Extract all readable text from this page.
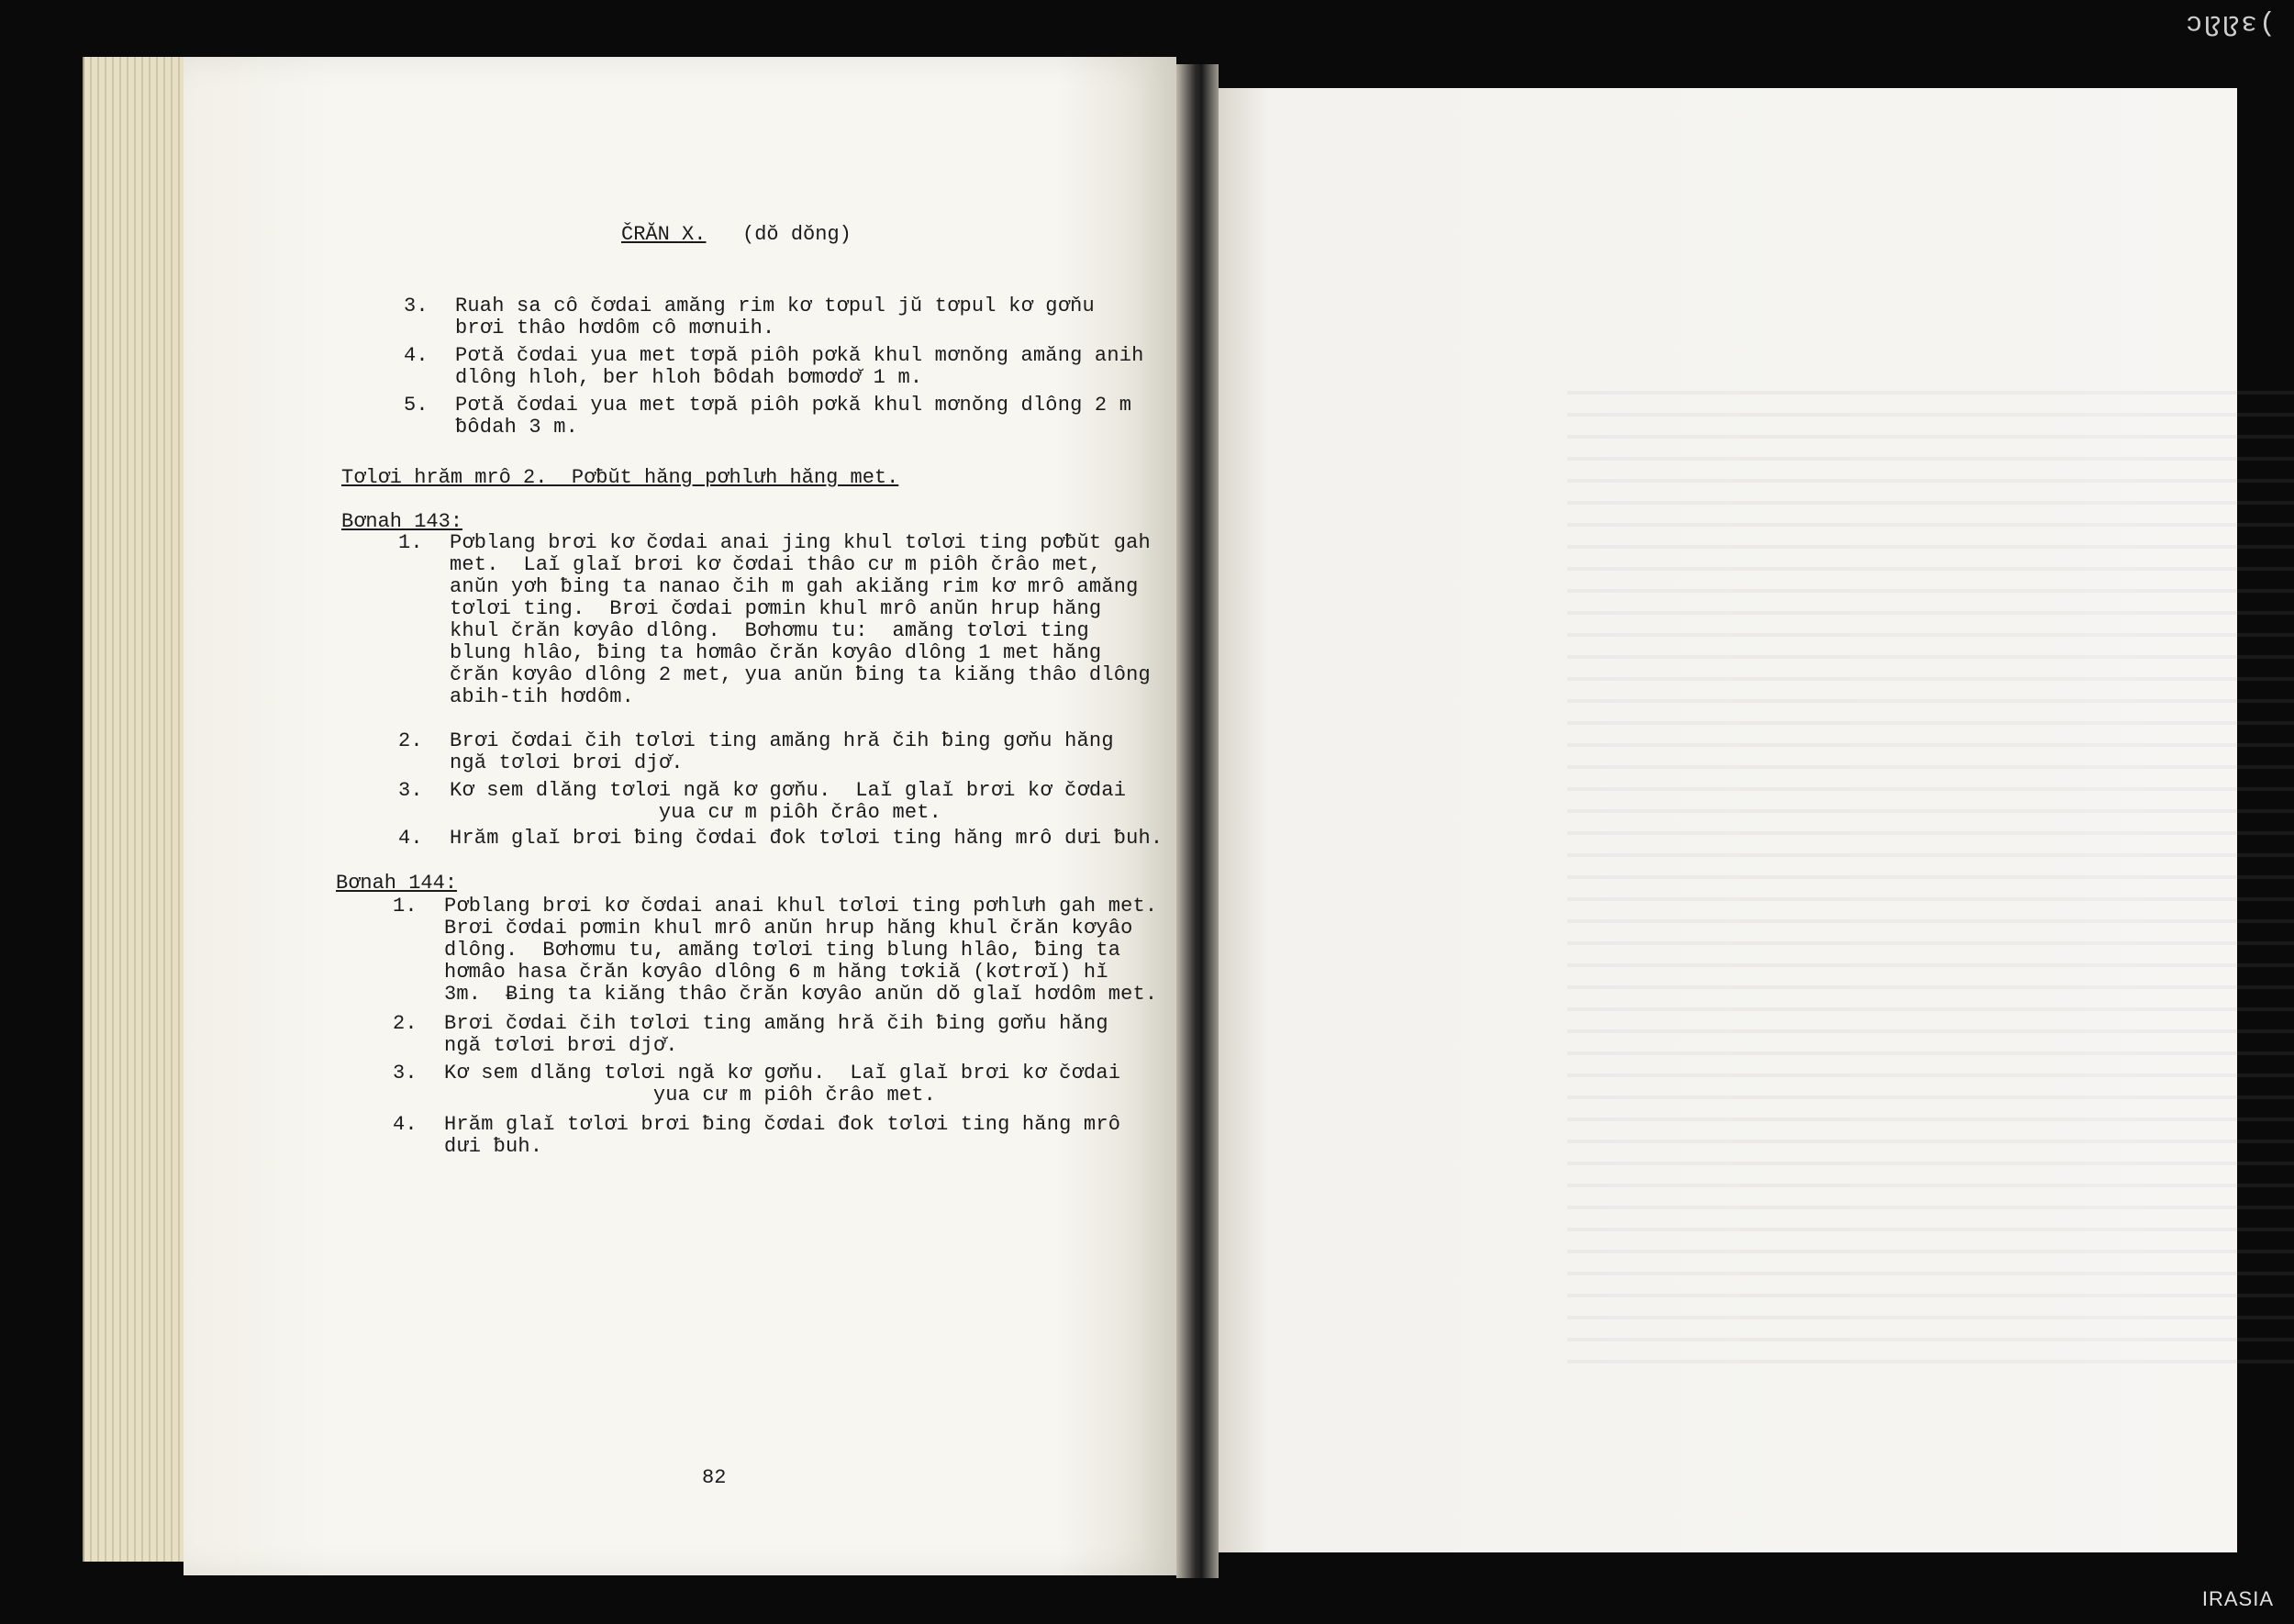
ɔßßɛ(
ČRĂN X. (dŏ dŏng)
3. Ruah sa cô čơdai amăng rim kơ tơpul jŭ tơpul kơ gơňu
brơi thâo hơdôm cô mơnuih.
4. Pơtă čơdai yua met tơpă piôh pơkă khul mơnŏng amăng anih
dlông hloh, ber hloh ƀôdah bơmơdơ̆ 1 m.
5. Pơtă čơdai yua met tơpă piôh pơkă khul mơnŏng dlông 2 m
ƀôdah 3 m.
Tơlơi hrăm mrô 2.  Pơƀŭt hăng pơhlưh hăng met.
Bơnah 143:
1. Pơblang brơi kơ čơdai anai jing khul tơlơi ting pơƀŭt gah
met.  Laĭ glaĭ brơi kơ čơdai thâo cư m piôh črâo met,
anŭn yơh ƀing ta nanao čih m gah akiăng rim kơ mrô amăng
tơlơi ting.  Brơi čơdai pơmin khul mrô anŭn hrup hăng
khul črăn kơyâo dlông.  Bơhơmu tu:  amăng tơlơi ting
blung hlâo, ƀing ta hơmâo črăn kơyâo dlông 1 met hăng
črăn kơyâo dlông 2 met, yua anŭn ƀing ta kiăng thâo dlông
abih-tih hơdôm.
2. Brơi čơdai čih tơlơi ting amăng hră čih ƀing gơňu hăng
ngă tơlơi brơi djơ̆.
3. Kơ sem dlăng tơlơi ngă kơ gơňu.  Laĭ glaĭ brơi kơ čơdai
yua cư m piôh črâo met.
4. Hrăm glaĭ brơi ƀing čơdai đok tơlơi ting hăng mrô dưi ƀuh.
Bơnah 144:
1. Pơblang brơi kơ čơdai anai khul tơlơi ting pơhlưh gah met.
Brơi čơdai pơmin khul mrô anŭn hrup hăng khul črăn kơyâo
dlông.  Bơhơmu tu, amăng tơlơi ting blung hlâo, ƀing ta
hơmâo hasa črăn kơyâo dlông 6 m hăng tơkiă (kơtrơĭ) hĭ
3m.  Ƀing ta kiăng thâo črăn kơyâo anŭn dŏ glaĭ hơdôm met.
2. Brơi čơdai čih tơlơi ting amăng hră čih ƀing gơňu hăng
ngă tơlơi brơi djơ̆.
3. Kơ sem dlăng tơlơi ngă kơ gơňu.  Laĭ glaĭ brơi kơ čơdai
yua cư m piôh črâo met.
4. Hrăm glaĭ tơlơi brơi ƀing čơdai đok tơlơi ting hăng mrô
dưi ƀuh.
82
IRASIA
